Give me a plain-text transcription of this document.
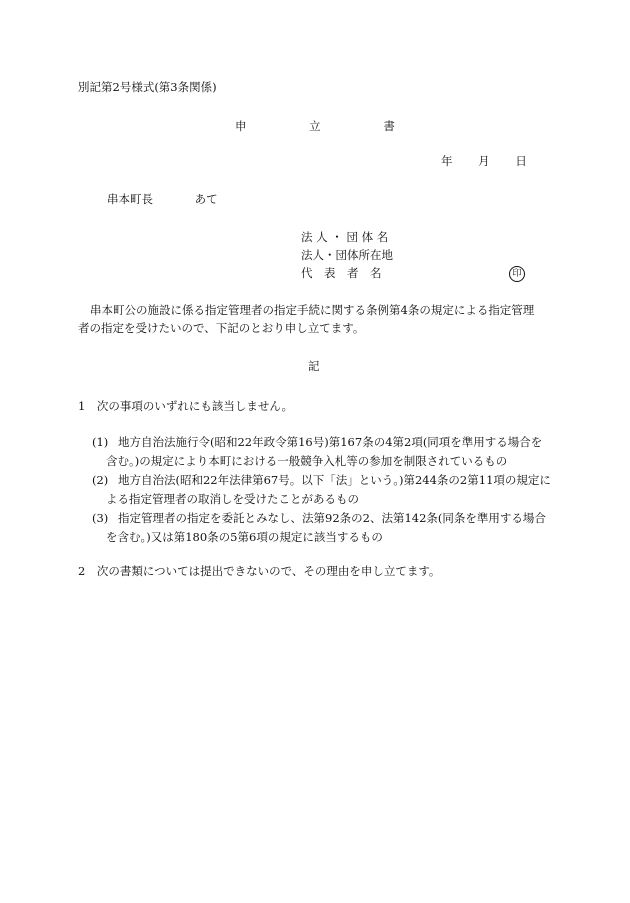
別記第2号様式(第3条関係)
申	立	書
年 月 日
串本町長	あて
法 人 ・ 団 体 名
法人・団体所在地
代　表　者　名	印
串本町公の施設に係る指定管理者の指定手続に関する条例第4条の規定による指定管理
者の指定を受けたいので、下記のとおり申し立てます。
記
1　次の事項のいずれにも該当しません。
(1) 地方自治法施行令(昭和22年政令第16号)第167条の4第2項(同項を準用する場合を
含む。)の規定により本町における一般競争入札等の参加を制限されているもの
(2) 地方自治法(昭和22年法律第67号。以下「法」という。)第244条の2第11項の規定に
よる指定管理者の取消しを受けたことがあるもの
(3) 指定管理者の指定を委託とみなし、法第92条の2、法第142条(同条を準用する場合
を含む。)又は第180条の5第6項の規定に該当するもの
2　次の書類については提出できないので、その理由を申し立てます。
